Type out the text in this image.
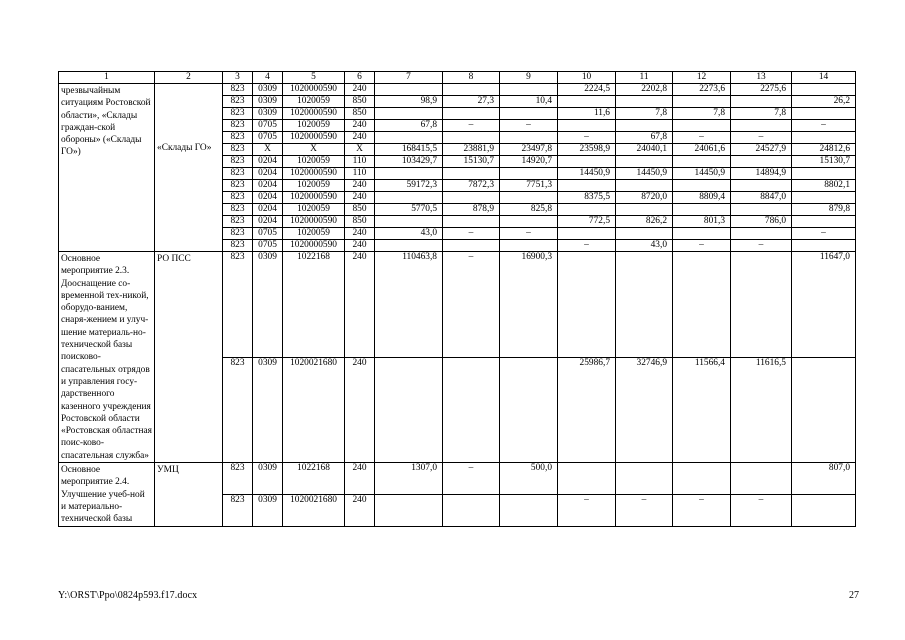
1	2	3	4	5	6	7	8	9	10	11	12	13	14
чрезвычайным ситуациям Ростовской области», «Склады граждан-ской обороны» («Склады ГО»)	«Склады ГО»	823	0309	1020000590	240				2224,5	2202,8	2273,6	2275,6	
		823	0309	1020059	850	98,9	27,3	10,4					26,2
		823	0309	1020000590	850				11,6	7,8	7,8	7,8	
		823	0705	1020059	240	67,8	–	–					–
		823	0705	1020000590	240				–	67,8	–	–	
		823	X	X	X	168415,5	23881,9	23497,8	23598,9	24040,1	24061,6	24527,9	24812,6
		823	0204	1020059	110	103429,7	15130,7	14920,7					15130,7
		823	0204	1020000590	110				14450,9	14450,9	14450,9	14894,9	
		823	0204	1020059	240	59172,3	7872,3	7751,3					8802,1
		823	0204	1020000590	240				8375,5	8720,0	8809,4	8847,0	
		823	0204	1020059	850	5770,5	878,9	825,8					879,8
		823	0204	1020000590	850				772,5	826,2	801,3	786,0	
		823	0705	1020059	240	43,0	–	–					–
		823	0705	1020000590	240				–	43,0	–	–	
Основное мероприятие 2.3. Дооснащение со-временной тех-никой, оборудо-ванием, снаря-жением и улуч-шение материаль-но-технической базы поисково-спасательных отрядов и управления госу-дарственного казенного учреждения Ростовской области «Ростовская областная поис-ково-спасательная служба»	РО ПСС	823	0309	1022168	240	110463,8	–	16900,3					11647,0
		823	0309	1020021680	240				25986,7	32746,9	11566,4	11616,5	
Основное мероприятие 2.4. Улучшение учеб-ной и материально-технической базы	УМЦ	823	0309	1022168	240	1307,0	–	500,0					807,0
		823	0309	1020021680	240				–	–	–	–	
Y:\ORST\Ppo\0824p593.f17.docx	27
